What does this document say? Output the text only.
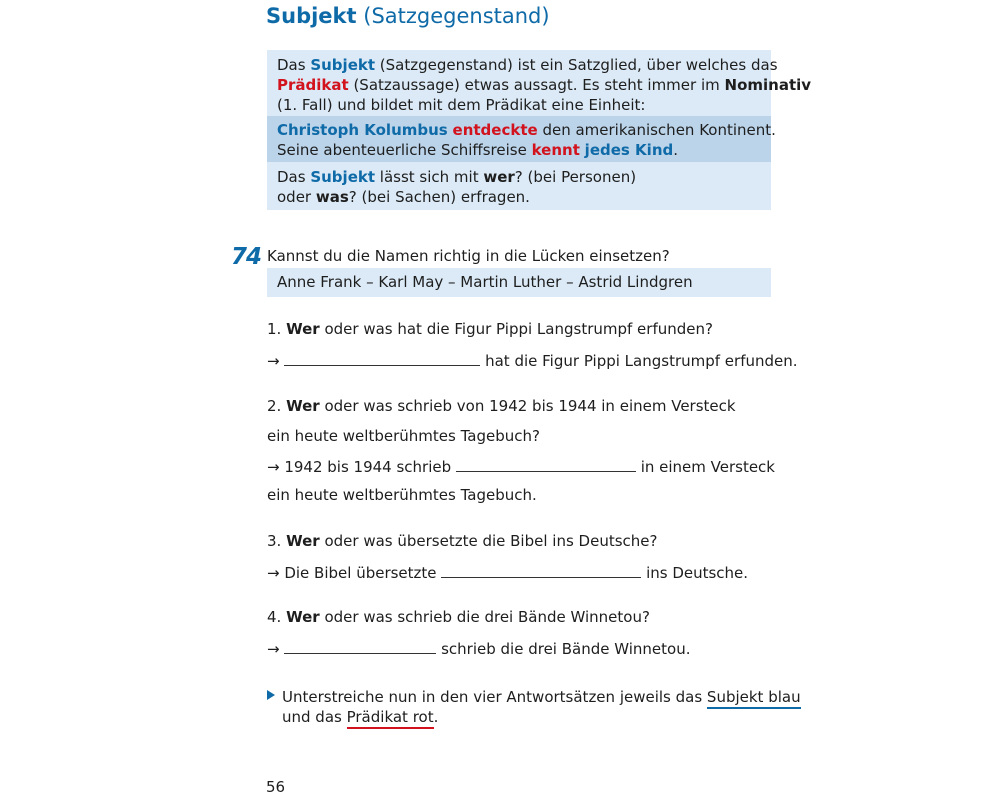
Subjekt (Satzgegenstand)
Das Subjekt (Satzgegenstand) ist ein Satzglied, über welches das
Prädikat (Satzaussage) etwas aussagt. Es steht immer im Nominativ
(1. Fall) und bildet mit dem Prädikat eine Einheit:
Christoph Kolumbus entdeckte den amerikanischen Kontinent.
Seine abenteuerliche Schiffsreise kennt jedes Kind.
Das Subjekt lässt sich mit wer? (bei Personen)
oder was? (bei Sachen) erfragen.
74 Kannst du die Namen richtig in die Lücken einsetzen?
Anne Frank – Karl May – Martin Luther – Astrid Lindgren
1. Wer oder was hat die Figur Pippi Langstrumpf erfunden?
→	hat die Figur Pippi Langstrumpf erfunden.
2. Wer oder was schrieb von 1942 bis 1944 in einem Versteck
ein heute weltberühmtes Tagebuch?
→ 1942 bis 1944 schrieb	in einem Versteck
ein heute weltberühmtes Tagebuch.
3. Wer oder was übersetzte die Bibel ins Deutsche?
→ Die Bibel übersetzte	ins Deutsche.
4. Wer oder was schrieb die drei Bände Winnetou?
→	schrieb die drei Bände Winnetou.
Unterstreiche nun in den vier Antwortsätzen jeweils das Subjekt blau
und das Prädikat rot.
56
